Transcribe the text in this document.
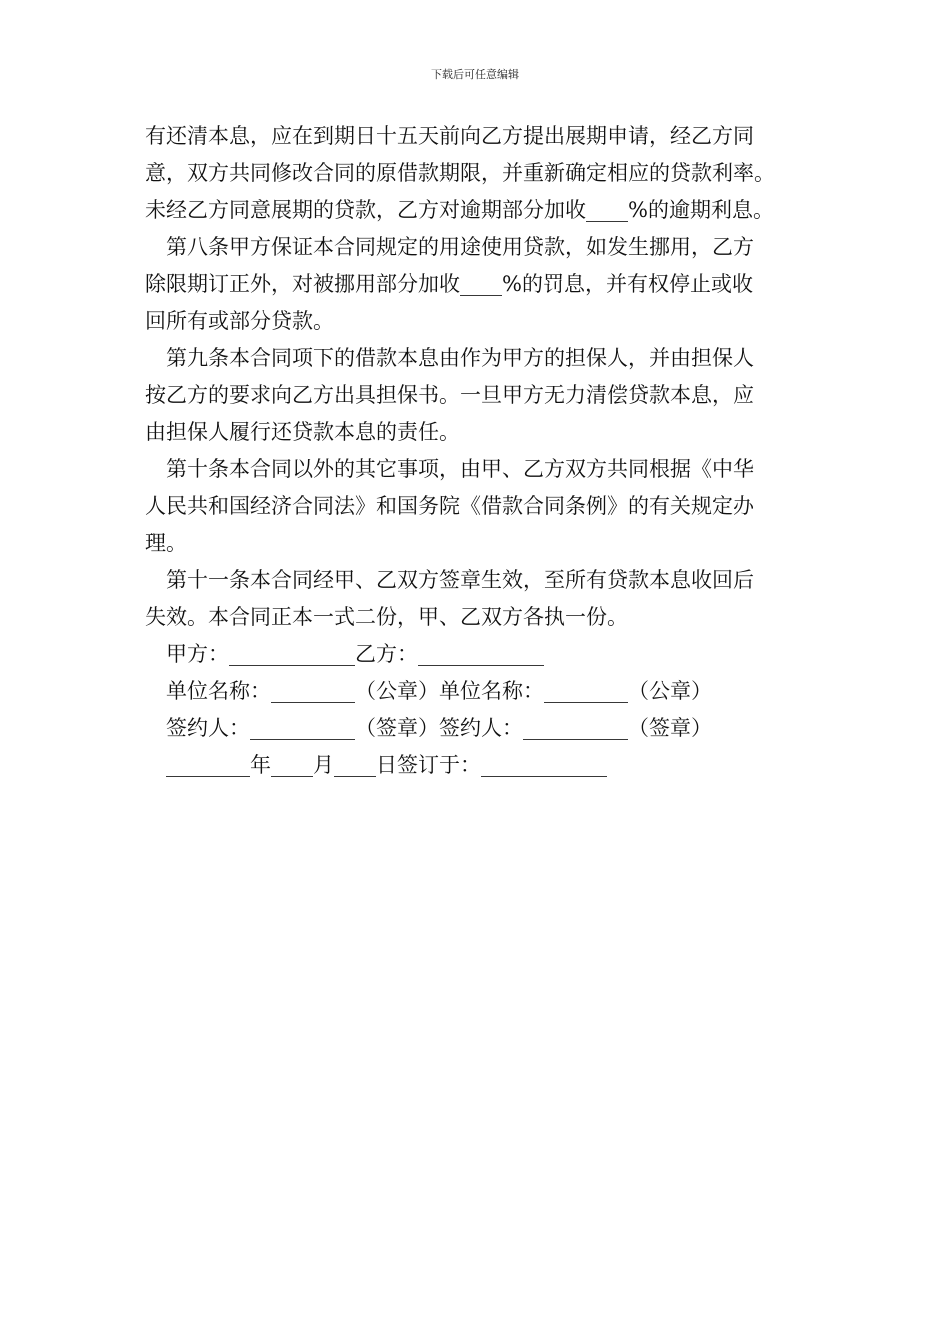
下载后可任意编辑
有还清本息，应在到期日十五天前向乙方提出展期申请，经乙方同
意，双方共同修改合同的原借款期限，并重新确定相应的贷款利率。
未经乙方同意展期的贷款，乙方对逾期部分加收____%的逾期利息。
第八条甲方保证本合同规定的用途使用贷款，如发生挪用，乙方
除限期订正外，对被挪用部分加收____%的罚息，并有权停止或收
回所有或部分贷款。
第九条本合同项下的借款本息由作为甲方的担保人，并由担保人
按乙方的要求向乙方出具担保书。一旦甲方无力清偿贷款本息，应
由担保人履行还贷款本息的责任。
第十条本合同以外的其它事项，由甲、乙方双方共同根据《中华
人民共和国经济合同法》和国务院《借款合同条例》的有关规定办
理。
第十一条本合同经甲、乙双方签章生效，至所有贷款本息收回后
失效。本合同正本一式二份，甲、乙双方各执一份。
甲方：____________乙方：____________
单位名称：________（公章）单位名称：________（公章）
签约人：__________（签章）签约人：__________（签章）
________年____月____日签订于：____________
